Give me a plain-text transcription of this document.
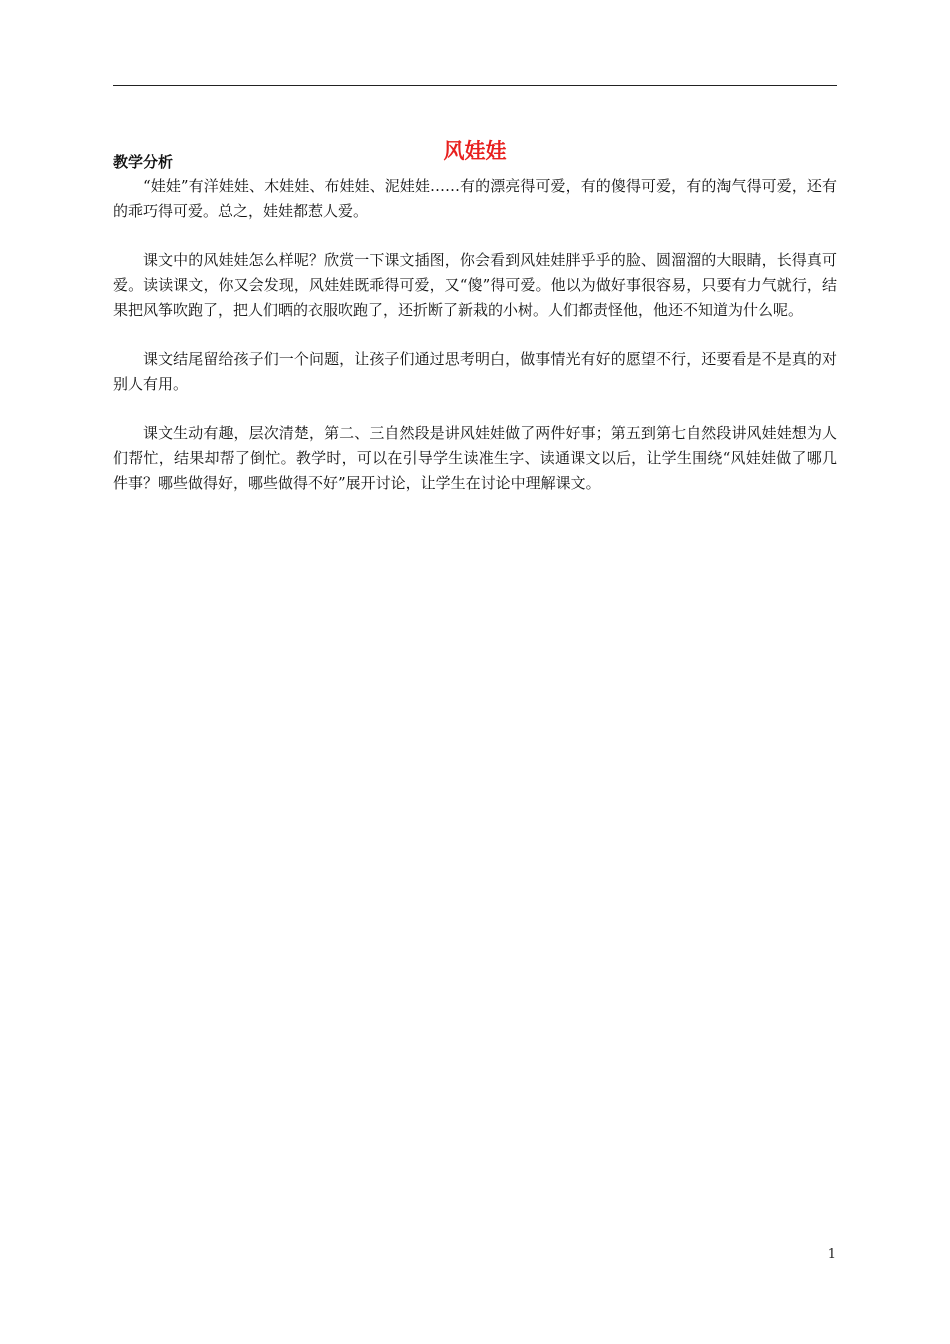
风娃娃
教学分析

“娃娃”有洋娃娃、木娃娃、布娃娃、泥娃娃……有的漂亮得可爱，有的傻得可爱，有的淘气得可爱，还有的乖巧得可爱。总之，娃娃都惹人爱。

课文中的风娃娃怎么样呢？欣赏一下课文插图，你会看到风娃娃胖乎乎的脸、圆溜溜的大眼睛，长得真可爱。读读课文，你又会发现，风娃娃既乖得可爱，又“傻”得可爱。他以为做好事很容易，只要有力气就行，结果把风筝吹跑了，把人们晒的衣服吹跑了，还折断了新栽的小树。人们都责怪他，他还不知道为什么呢。

课文结尾留给孩子们一个问题，让孩子们通过思考明白，做事情光有好的愿望不行，还要看是不是真的对别人有用。

课文生动有趣，层次清楚，第二、三自然段是讲风娃娃做了两件好事；第五到第七自然段讲风娃娃想为人们帮忙，结果却帮了倒忙。教学时，可以在引导学生读准生字、读通课文以后，让学生围绕“风娃娃做了哪几件事？哪些做得好，哪些做得不好”展开讨论，让学生在讨论中理解课文。

1
